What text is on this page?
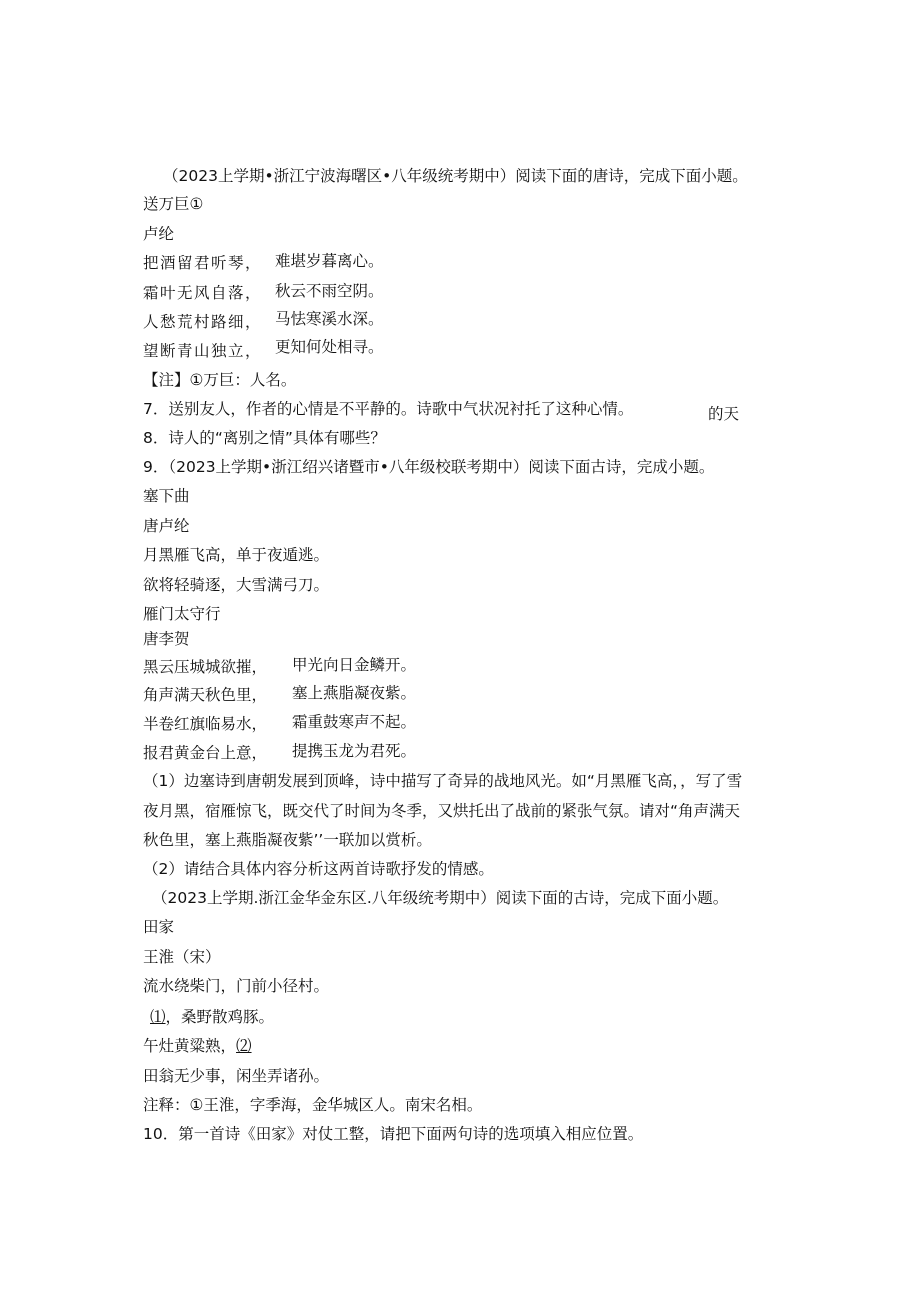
（2023上学期•浙江宁波海曙区•八年级统考期中）阅读下面的唐诗，完成下面小题。
送万巨①
卢纶
把酒留君听琴， 难堪岁暮离心。
霜叶无风自落， 秋云不雨空阴。
人愁荒村路细， 马怯寒溪水深。
望断青山独立， 更知何处相寻。
【注】①万巨：人名。
7．送别友人，作者的心情是不平静的。诗歌中气状况衬托了这种心情。	的天
8．诗人的“离别之情”具体有哪些？
9．（2023上学期•浙江绍兴诸暨市•八年级校联考期中）阅读下面古诗，完成小题。
塞下曲
唐卢纶
月黑雁飞高，单于夜遁逃。
欲将轻骑逐，大雪满弓刀。
雁门太守行
唐李贺
黑云压城城欲摧， 甲光向日金鳞开。
角声满天秋色里， 塞上燕脂凝夜紫。
半卷红旗临易水， 霜重鼓寒声不起。
报君黄金台上意， 提携玉龙为君死。
（1）边塞诗到唐朝发展到顶峰，诗中描写了奇异的战地风光。如“月黑雁飞高，，写了雪
夜月黑，宿雁惊飞，既交代了时间为冬季，又烘托出了战前的紧张气氛。请对“角声满天
秋色里，塞上燕脂凝夜紫’’一联加以赏析。
（2）请结合具体内容分析这两首诗歌抒发的情感。
（2023上学期.浙江金华金东区.八年级统考期中）阅读下面的古诗，完成下面小题。
田家
王淮（宋）
流水绕柴门，门前小径村。
⑴，桑野散鸡豚。
午灶黄粱熟，⑵
田翁无少事，闲坐弄诸孙。
注释：①王淮，字季海，金华城区人。南宋名相。
10．第一首诗《田家》对仗工整，请把下面两句诗的选项填入相应位置。
